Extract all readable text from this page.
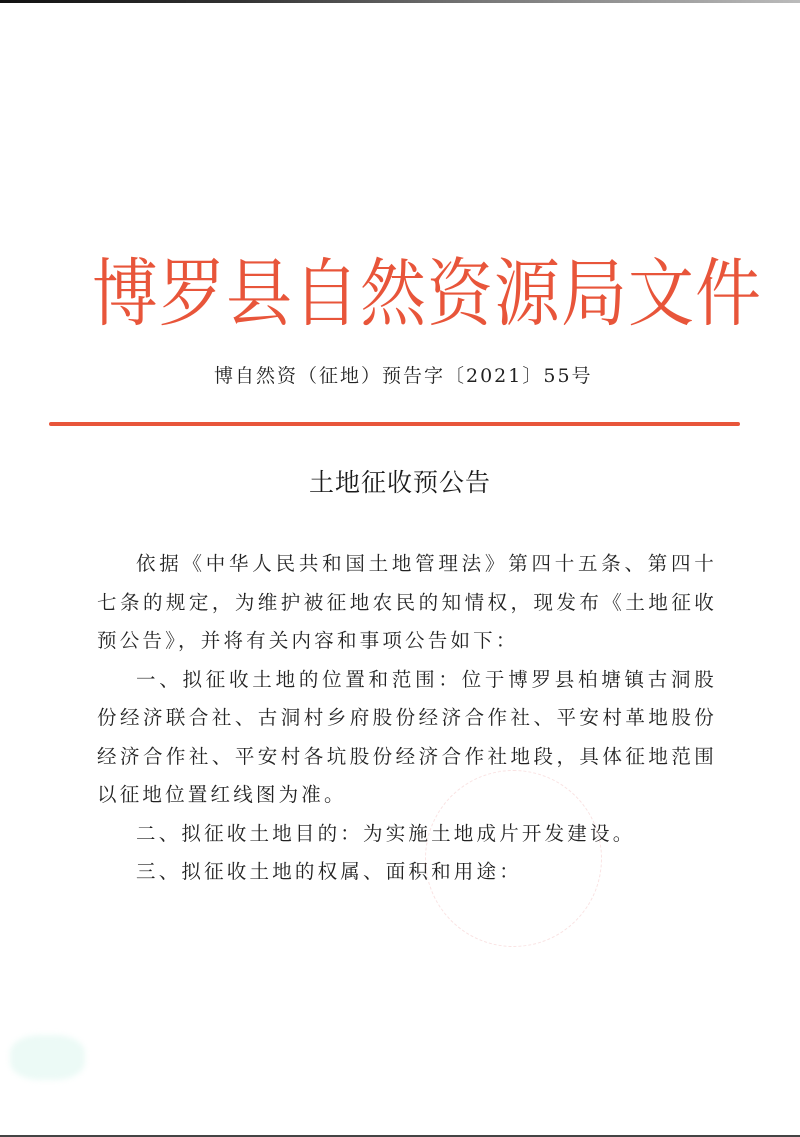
博罗县自然资源局文件
博自然资（征地）预告字〔2021〕55号
土地征收预公告

依据《中华人民共和国土地管理法》第四十五条、第四十七条的规定，为维护被征地农民的知情权，现发布《土地征收预公告》，并将有关内容和事项公告如下：

一、拟征收土地的位置和范围：位于博罗县柏塘镇古洞股份经济联合社、古洞村乡府股份经济合作社、平安村革地股份经济合作社、平安村各坑股份经济合作社地段，具体征地范围以征地位置红线图为准。

二、拟征收土地目的：为实施土地成片开发建设。

三、拟征收土地的权属、面积和用途：
